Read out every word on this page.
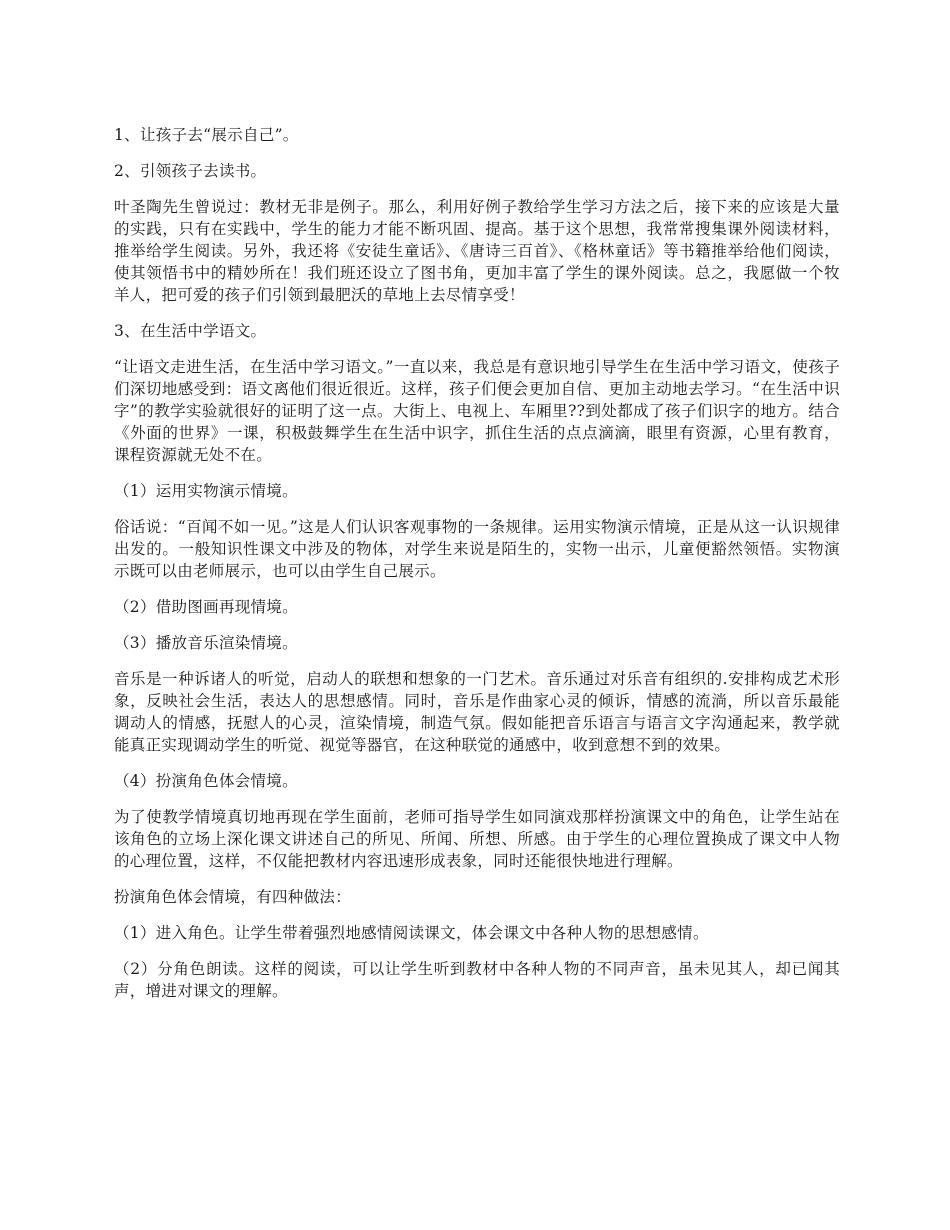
1、让孩子去“展示自己”。

2、引领孩子去读书。

叶圣陶先生曾说过：教材无非是例子。那么，利用好例子教给学生学习方法之后，接下来的应该是大量的实践，只有在实践中，学生的能力才能不断巩固、提高。基于这个思想，我常常搜集课外阅读材料，推举给学生阅读。另外，我还将《安徒生童话》、《唐诗三百首》、《格林童话》等书籍推举给他们阅读，使其领悟书中的精妙所在！我们班还设立了图书角，更加丰富了学生的课外阅读。总之，我愿做一个牧羊人，把可爱的孩子们引领到最肥沃的草地上去尽情享受！

3、在生活中学语文。

“让语文走进生活，在生活中学习语文。”一直以来，我总是有意识地引导学生在生活中学习语文，使孩子们深切地感受到：语文离他们很近很近。这样，孩子们便会更加自信、更加主动地去学习。“在生活中识字”的教学实验就很好的证明了这一点。大街上、电视上、车厢里??到处都成了孩子们识字的地方。结合《外面的世界》一课，积极鼓舞学生在生活中识字，抓住生活的点点滴滴，眼里有资源，心里有教育，课程资源就无处不在。

（1）运用实物演示情境。

俗话说：“百闻不如一见。”这是人们认识客观事物的一条规律。运用实物演示情境，正是从这一认识规律出发的。一般知识性课文中涉及的物体，对学生来说是陌生的，实物一出示，儿童便豁然领悟。实物演示既可以由老师展示，也可以由学生自己展示。

（2）借助图画再现情境。

（3）播放音乐渲染情境。

音乐是一种诉诸人的听觉，启动人的联想和想象的一门艺术。音乐通过对乐音有组织的.安排构成艺术形象，反映社会生活，表达人的思想感情。同时，音乐是作曲家心灵的倾诉，情感的流淌，所以音乐最能调动人的情感，抚慰人的心灵，渲染情境，制造气氛。假如能把音乐语言与语言文字沟通起来，教学就能真正实现调动学生的听觉、视觉等器官，在这种联觉的通感中，收到意想不到的效果。

（4）扮演角色体会情境。

为了使教学情境真切地再现在学生面前，老师可指导学生如同演戏那样扮演课文中的角色，让学生站在该角色的立场上深化课文讲述自己的所见、所闻、所想、所感。由于学生的心理位置换成了课文中人物的心理位置，这样，不仅能把教材内容迅速形成表象，同时还能很快地进行理解。

扮演角色体会情境，有四种做法：

（1）进入角色。让学生带着强烈地感情阅读课文，体会课文中各种人物的思想感情。

（2）分角色朗读。这样的阅读，可以让学生听到教材中各种人物的不同声音，虽未见其人，却已闻其声，增进对课文的理解。
